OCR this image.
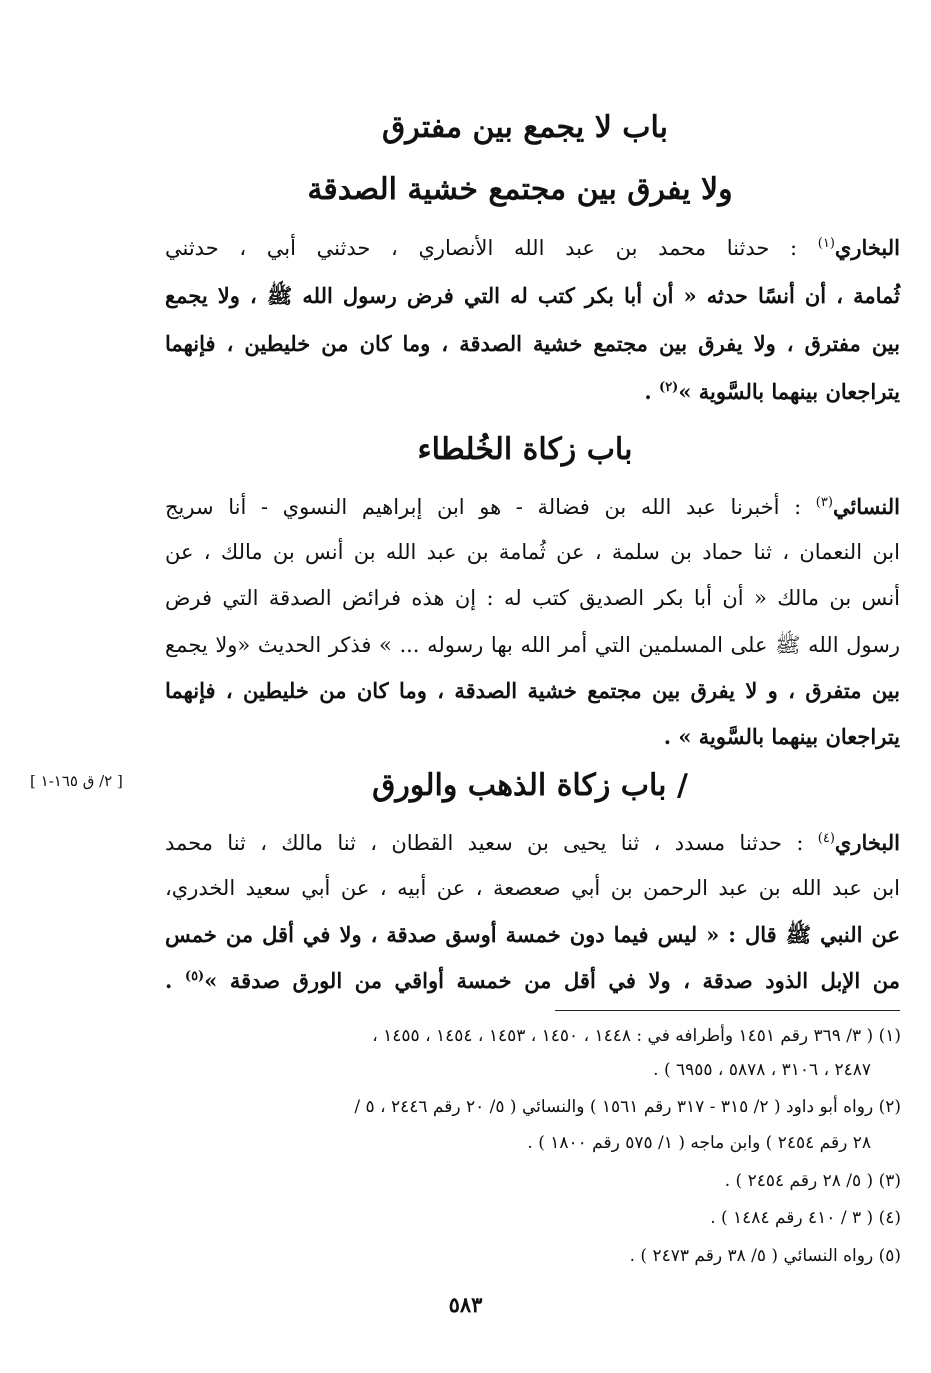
باب لا يجمع بين مفترق
ولا يفرق بين مجتمع خشية الصدقة
البخاري$^{(١)}$ : حدثنا محمد بن عبد الله الأنصاري ، حدثني أبي ، حدثني
ثُمامة ، أن أنسًا حدثه « أن أبا بكر كتب له التي فرض رسول الله ﷺ ، ولا يجمع
بين مفترق ، ولا يفرق بين مجتمع خشية الصدقة ، وما كان من خليطين ، فإنهما
يتراجعان بينهما بالسَّوية »$^{(٢)}$ .
باب زكاة الخُلطاء
النسائي$^{(٣)}$ : أخبرنا عبد الله بن فضالة - هو ابن إبراهيم النسوي - أنا سريج
ابن النعمان ، ثنا حماد بن سلمة ، عن ثُمامة بن عبد الله بن أنس بن مالك ، عن
أنس بن مالك « أن أبا بكر الصديق كتب له : إن هذه فرائض الصدقة التي فرض
رسول الله ﷺ على المسلمين التي أمر الله بها رسوله ... » فذكر الحديث «ولا يجمع
بين متفرق ، و لا يفرق بين مجتمع خشية الصدقة ، وما كان من خليطين ، فإنهما
يتراجعان بينهما بالسَّوية » .
/ باب زكاة الذهب والورق
[ ٢/ ق ١٦٥-١ ]
البخاري$^{(٤)}$ : حدثنا مسدد ، ثنا يحيى بن سعيد القطان ، ثنا مالك ، ثنا محمد
ابن عبد الله بن عبد الرحمن بن أبي صعصعة ، عن أبيه ، عن أبي سعيد الخدري،
عن النبي ﷺ قال : « ليس فيما دون خمسة أوسق صدقة ، ولا في أقل من خمس
من الإبل الذود صدقة ، ولا في أقل من خمسة أواقي من الورق صدقة »$^{(٥)}$ .
(١) ( ٣/ ٣٦٩ رقم ١٤٥١ وأطرافه في : ١٤٤٨ ، ١٤٥٠ ، ١٤٥٣ ، ١٤٥٤ ، ١٤٥٥ ،
٢٤٨٧ ، ٣١٠٦ ، ٥٨٧٨ ، ٦٩٥٥ ) .
(٢) رواه أبو داود ( ٢/ ٣١٥ - ٣١٧ رقم ١٥٦١ ) والنسائي ( ٥/ ٢٠ رقم ٢٤٤٦ ، ٥ /
٢٨ رقم ٢٤٥٤ ) وابن ماجه ( ١/ ٥٧٥ رقم ١٨٠٠ ) .
(٣) ( ٥/ ٢٨ رقم ٢٤٥٤ ) .
(٤) ( ٣ / ٤١٠ رقم ١٤٨٤ ) .
(٥) رواه النسائي ( ٥/ ٣٨ رقم ٢٤٧٣ ) .
٥٨٣
